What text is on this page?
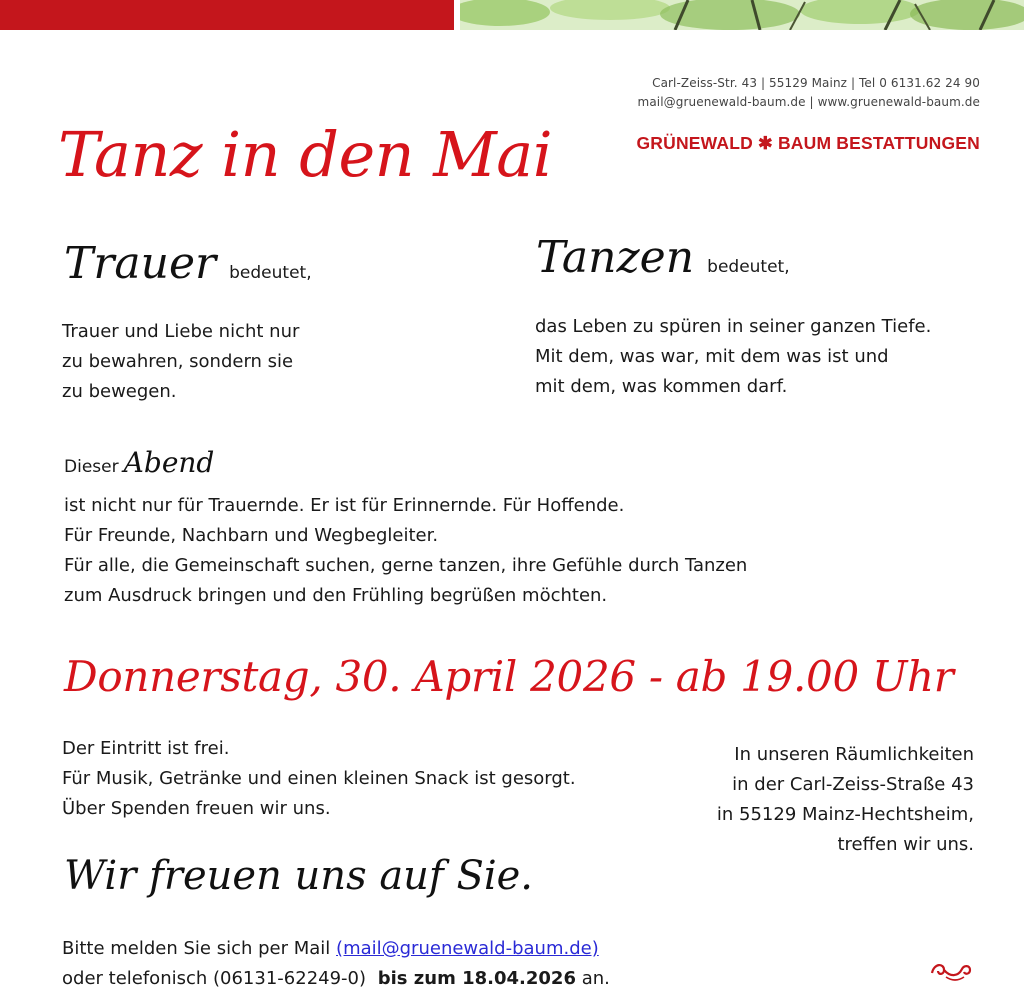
Carl-Zeiss-Str. 43 | 55129 Mainz | Tel 0 6131.62 24 90
mail@gruenewald-baum.de | www.gruenewald-baum.de
GRÜNEWALD ✱ BAUM BESTATTUNGEN
Tanz in den Mai
Trauer bedeutet,
Trauer und Liebe nicht nur
zu bewahren, sondern sie
zu bewegen.
Tanzen bedeutet,
das Leben zu spüren in seiner ganzen Tiefe.
Mit dem, was war, mit dem was ist und
mit dem, was kommen darf.
Dieser Abend
ist nicht nur für Trauernde. Er ist für Erinnernde. Für Hoffende.
Für Freunde, Nachbarn und Wegbegleiter.
Für alle, die Gemeinschaft suchen, gerne tanzen, ihre Gefühle durch Tanzen
zum Ausdruck bringen und den Frühling begrüßen möchten.
Donnerstag, 30. April 2026 - ab 19.00 Uhr
Der Eintritt ist frei.
Für Musik, Getränke und einen kleinen Snack ist gesorgt.
Über Spenden freuen wir uns.
In unseren Räumlichkeiten
in der Carl-Zeiss-Straße 43
in 55129 Mainz-Hechtsheim,
treffen wir uns.
Wir freuen uns auf Sie.
Bitte melden Sie sich per Mail (mail@gruenewald-baum.de)
oder telefonisch (06131-62249-0) bis zum 18.04.2026 an.
